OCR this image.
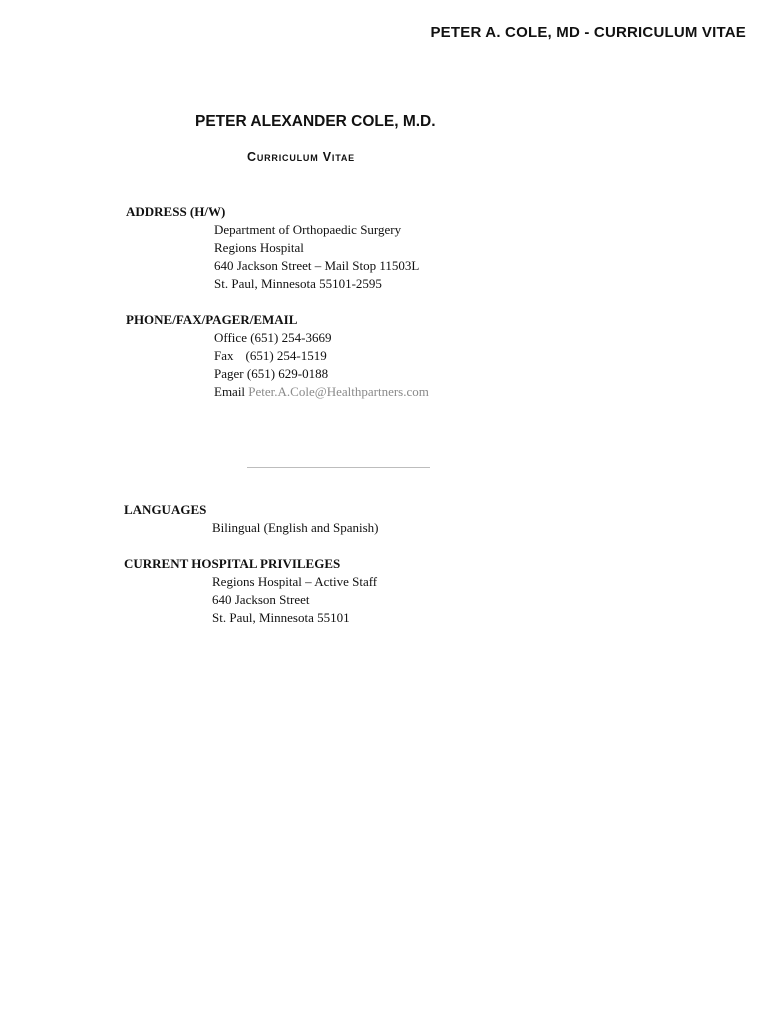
PETER A. COLE, MD - CURRICULUM VITAE
PETER ALEXANDER COLE, M.D.
Curriculum Vitae
ADDRESS (H/W)
Department of Orthopaedic Surgery
Regions Hospital
640 Jackson Street – Mail Stop 11503L
St. Paul, Minnesota 55101-2595
PHONE/FAX/PAGER/EMAIL
Office (651) 254-3669
Fax (651) 254-1519
Pager (651) 629-0188
Email Peter.A.Cole@Healthpartners.com
LANGUAGES
Bilingual (English and Spanish)
CURRENT HOSPITAL PRIVILEGES
Regions Hospital – Active Staff
640 Jackson Street
St. Paul, Minnesota 55101
